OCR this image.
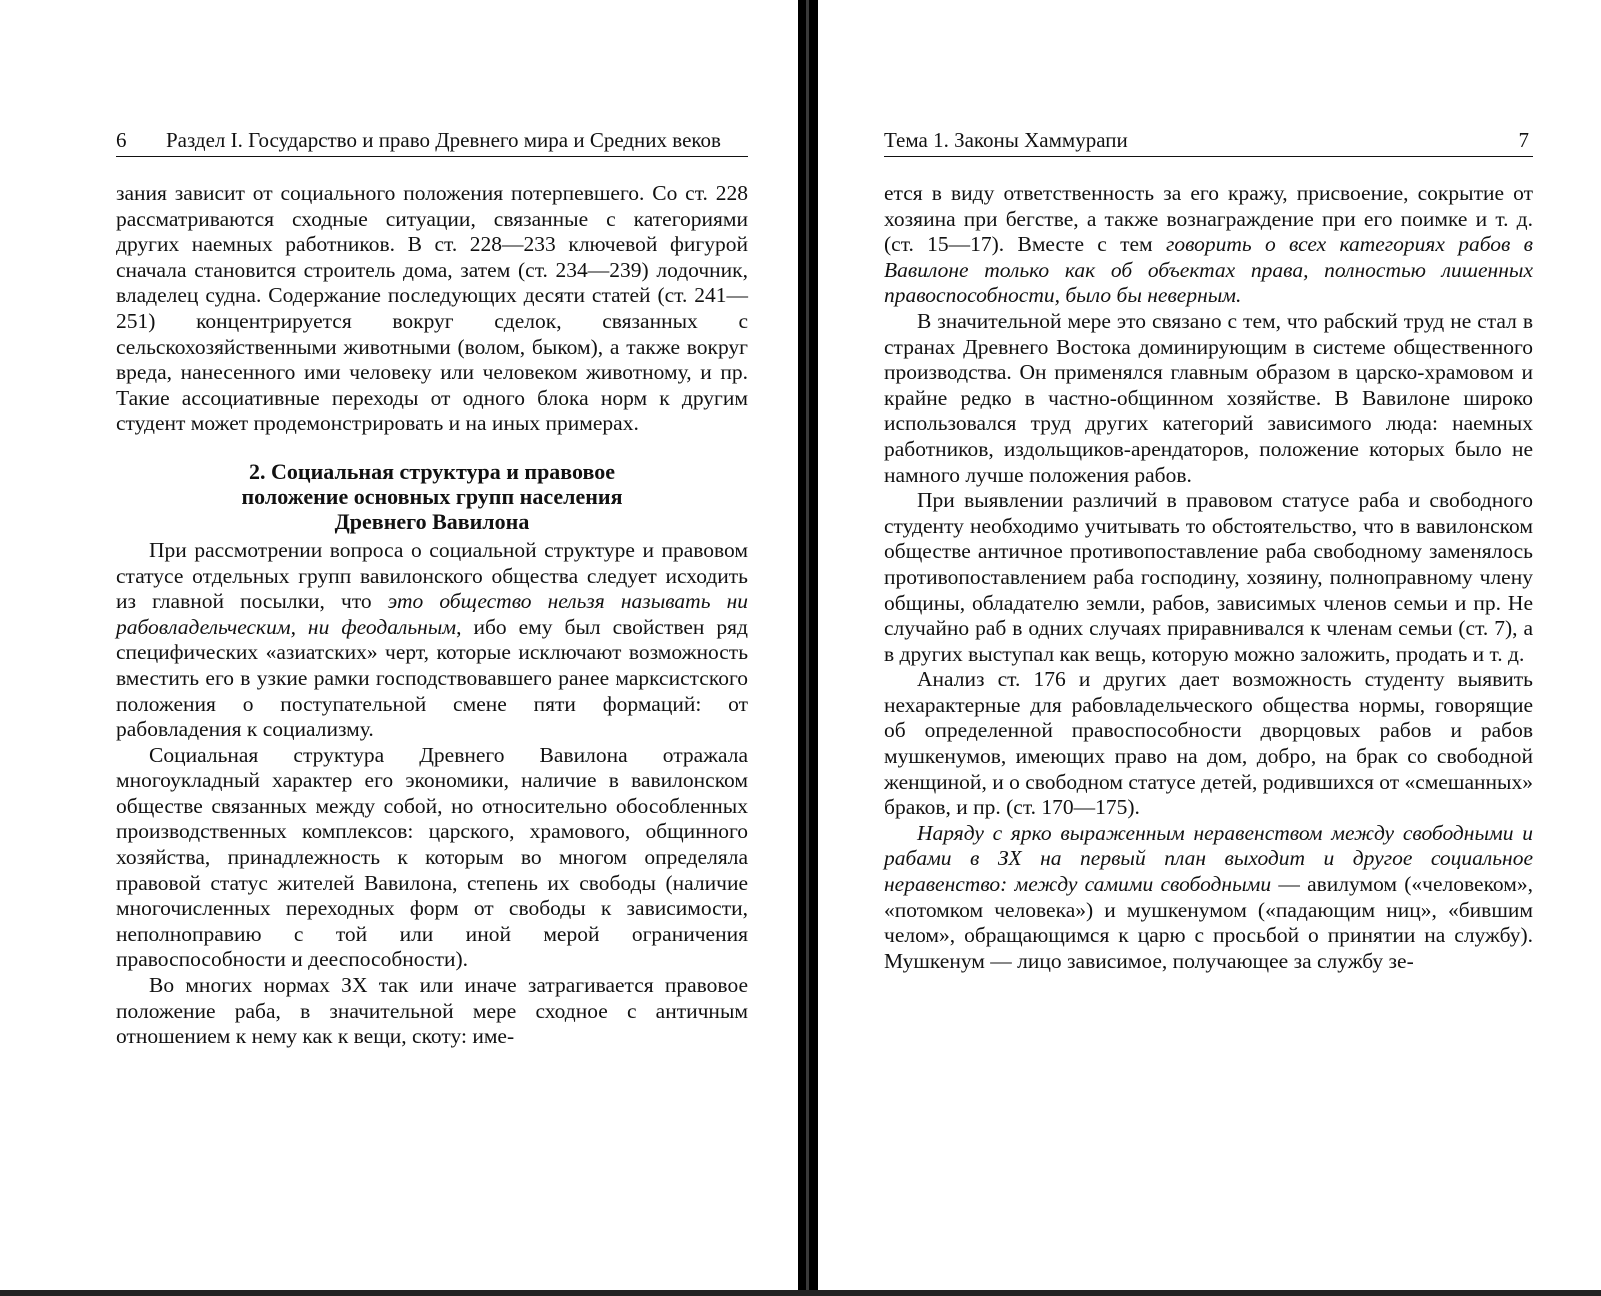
6 Раздел I. Государство и право Древнего мира и Средних веков

зания зависит от социального положения потерпевшего. Со ст. 228 рассматриваются сходные ситуации, связанные с категориями других наемных работников. В ст. 228—233 ключевой фигурой сначала становится строитель дома, затем (ст. 234—239) лодочник, владелец судна. Содержание последующих десяти статей (ст. 241—251) концентрируется вокруг сделок, связанных с сельскохозяйственными животными (волом, быком), а также вокруг вреда, нанесенного ими человеку или человеком животному, и пр. Такие ассоциативные переходы от одного блока норм к другим студент может продемонстрировать и на иных примерах.

2. Социальная структура и правовое
положение основных групп населения
Древнего Вавилона

При рассмотрении вопроса о социальной структуре и правовом статусе отдельных групп вавилонского общества следует исходить из главной посылки, что это общество нельзя называть ни рабовладельческим, ни феодальным, ибо ему был свойствен ряд специфических «азиатских» черт, которые исключают возможность вместить его в узкие рамки господствовавшего ранее марксистского положения о поступательной смене пяти формаций: от рабовладения к социализму.

Социальная структура Древнего Вавилона отражала многоукладный характер его экономики, наличие в вавилонском обществе связанных между собой, но относительно обособленных производственных комплексов: царского, храмового, общинного хозяйства, принадлежность к которым во многом определяла правовой статус жителей Вавилона, степень их свободы (наличие многочисленных переходных форм от свободы к зависимости, неполноправию с той или иной мерой ограничения правоспособности и дееспособности).

Во многих нормах ЗХ так или иначе затрагивается правовое положение раба, в значительной мере сходное с античным отношением к нему как к вещи, скоту: име-

Тема 1. Законы Хаммурапи	7

ется в виду ответственность за его кражу, присвоение, сокрытие от хозяина при бегстве, а также вознаграждение при его поимке и т. д. (ст. 15—17). Вместе с тем говорить о всех категориях рабов в Вавилоне только как об объектах права, полностью лишенных правоспособности, было бы неверным.

В значительной мере это связано с тем, что рабский труд не стал в странах Древнего Востока доминирующим в системе общественного производства. Он применялся главным образом в царско-храмовом и крайне редко в частно-общинном хозяйстве. В Вавилоне широко использовался труд других категорий зависимого люда: наемных работников, издольщиков-арендаторов, положение которых было не намного лучше положения рабов.

При выявлении различий в правовом статусе раба и свободного студенту необходимо учитывать то обстоятельство, что в вавилонском обществе античное противопоставление раба свободному заменялось противопоставлением раба господину, хозяину, полноправному члену общины, обладателю земли, рабов, зависимых членов семьи и пр. Не случайно раб в одних случаях приравнивался к членам семьи (ст. 7), а в других выступал как вещь, которую можно заложить, продать и т. д.

Анализ ст. 176 и других дает возможность студенту выявить нехарактерные для рабовладельческого общества нормы, говорящие об определенной правоспособности дворцовых рабов и рабов мушкенумов, имеющих право на дом, добро, на брак со свободной женщиной, и о свободном статусе детей, родившихся от «смешанных» браков, и пр. (ст. 170—175).

Наряду с ярко выраженным неравенством между свободными и рабами в ЗХ на первый план выходит и другое социальное неравенство: между самими свободными — авилумом («человеком», «потомком человека») и мушкенумом («падающим ниц», «бившим челом», обращающимся к царю с просьбой о принятии на службу). Мушкенум — лицо зависимое, получающее за службу зе-
